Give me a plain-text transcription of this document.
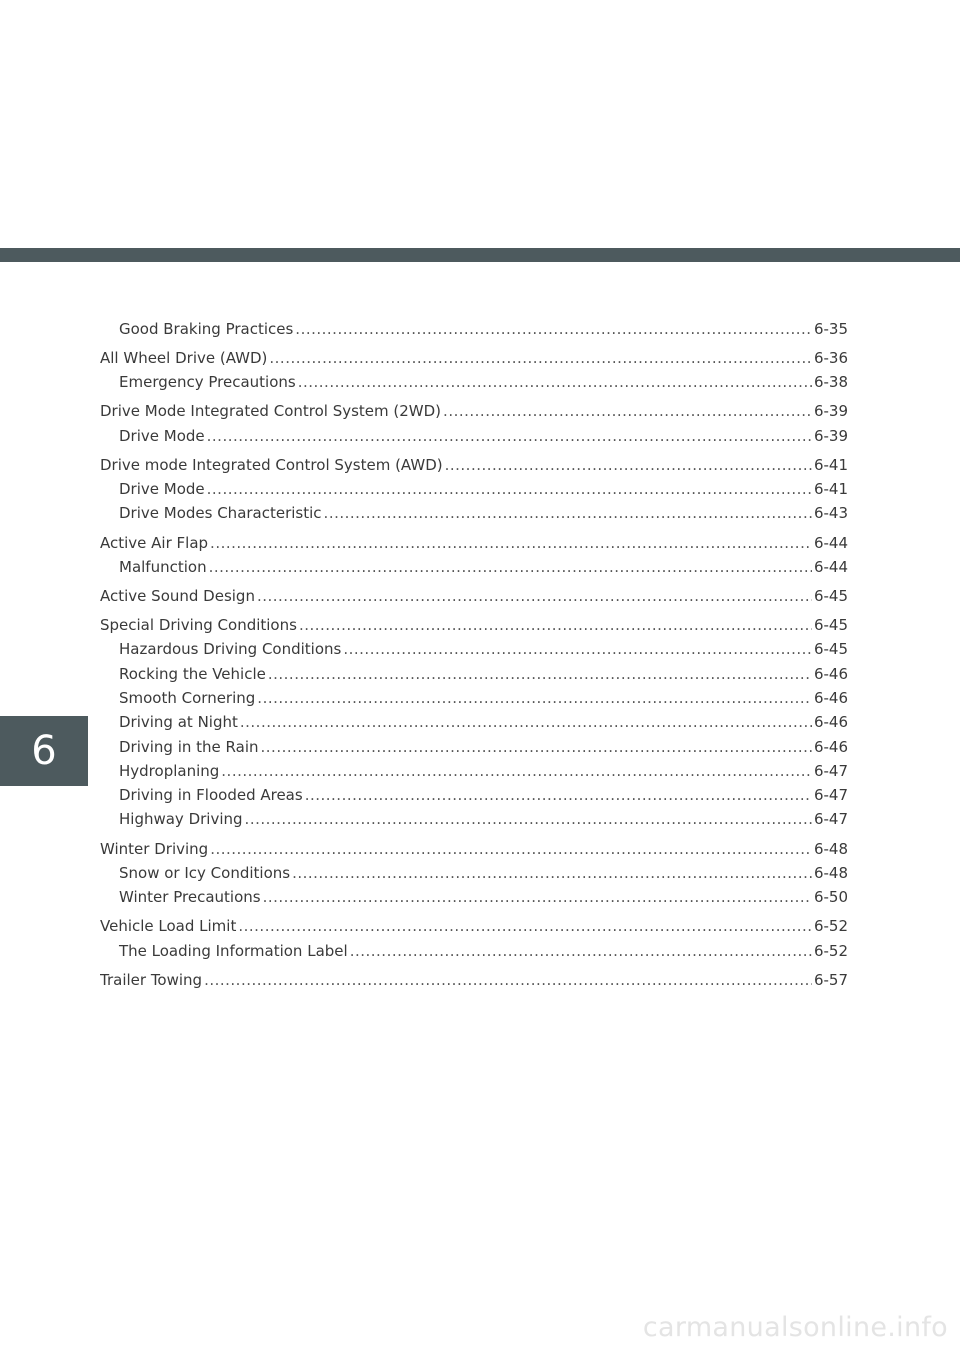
6
Good Braking Practices .....	6-35
All Wheel Drive (AWD) .....	6-36
Emergency Precautions .....	6-38
Drive Mode Integrated Control System (2WD) .....	6-39
Drive Mode .....	6-39
Drive mode Integrated Control System (AWD) .....	6-41
Drive Mode .....	6-41
Drive Modes Characteristic .....	6-43
Active Air Flap .....	6-44
Malfunction .....	6-44
Active Sound Design .....	6-45
Special Driving Conditions .....	6-45
Hazardous Driving Conditions .....	6-45
Rocking the Vehicle .....	6-46
Smooth Cornering .....	6-46
Driving at Night .....	6-46
Driving in the Rain .....	6-46
Hydroplaning .....	6-47
Driving in Flooded Areas .....	6-47
Highway Driving .....	6-47
Winter Driving .....	6-48
Snow or Icy Conditions .....	6-48
Winter Precautions .....	6-50
Vehicle Load Limit .....	6-52
The Loading Information Label .....	6-52
Trailer Towing .....	6-57
carmanualsonline.info
